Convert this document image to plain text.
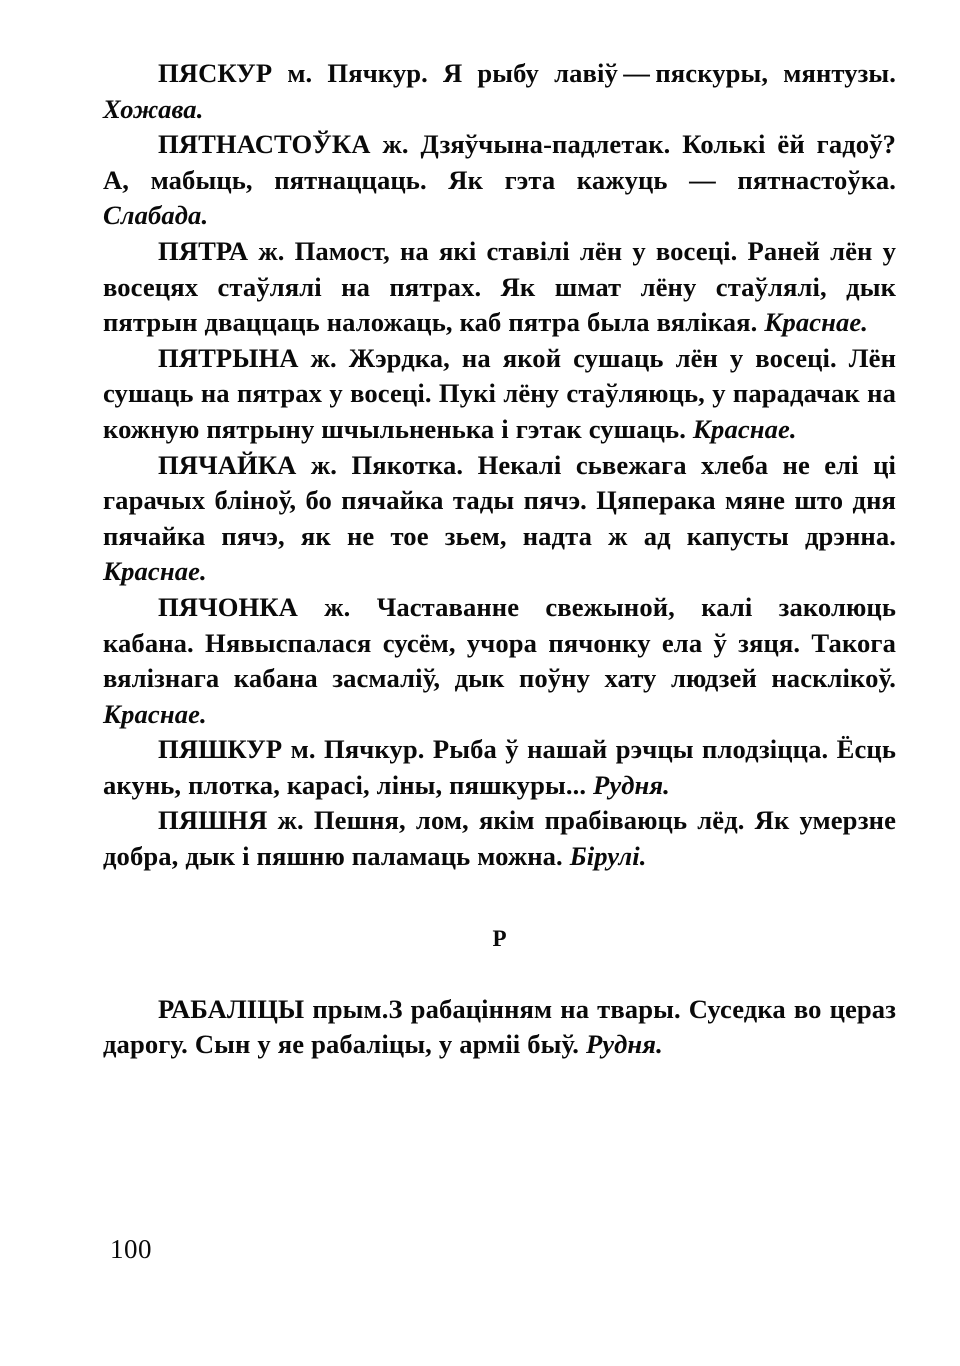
ПЯСКУР м. Пячкур. Я рыбу лавіў — пяскуры, мянтузы. Хожава.

ПЯТНАСТОЎКА ж. Дзяўчына-падлетак. Колькі ёй гадоў? А, мабыць, пятнаццаць. Як гэта кажуць — пятнастоўка. Слабада.

ПЯТРА ж. Памост, на які ставілі лён у восеці. Раней лён у восецях стаўлялі на пятрах. Як шмат лёну стаўлялі, дык пятрын дваццаць наложаць, каб пятра была вялікая. Краснае.

ПЯТРЫНА ж. Жэрдка, на якой сушаць лён у восеці. Лён сушаць на пятрах у восеці. Пукі лёну стаўляюць, у парадачак на кожную пятрыну шчыльненька і гэтак сушаць. Краснае.

ПЯЧАЙКА ж. Пякотка. Некалі сьвежага хлеба не елі ці гарачых бліноў, бо пячайка тады пячэ. Цяперака мяне што дня пячайка пячэ, як не тое зьем, надта ж ад капусты дрэнна. Краснае.

ПЯЧОНКА ж. Частаванне свежыной, калі заколюць кабана. Нявыспалася сусём, учора пячонку ела ў зяця. Такога вялізнага кабана засмаліў, дык поўну хату людзей насклікоў. Краснае.

ПЯШКУР м. Пячкур. Рыба ў нашай рэчцы плодзіцца. Ёсць акунь, плотка, карасі, ліны, пяшкуры... Рудня.

ПЯШНЯ ж. Пешня, лом, якім прабіваюць лёд. Як умерзне добра, дык і пяшню паламаць можна. Бірулі.

Р

РАБАЛІЦЫ прым.З рабацінням на твары. Суседка во цераз дарогу. Сын у яе рабаліцы, у арміі быў. Рудня.

100
